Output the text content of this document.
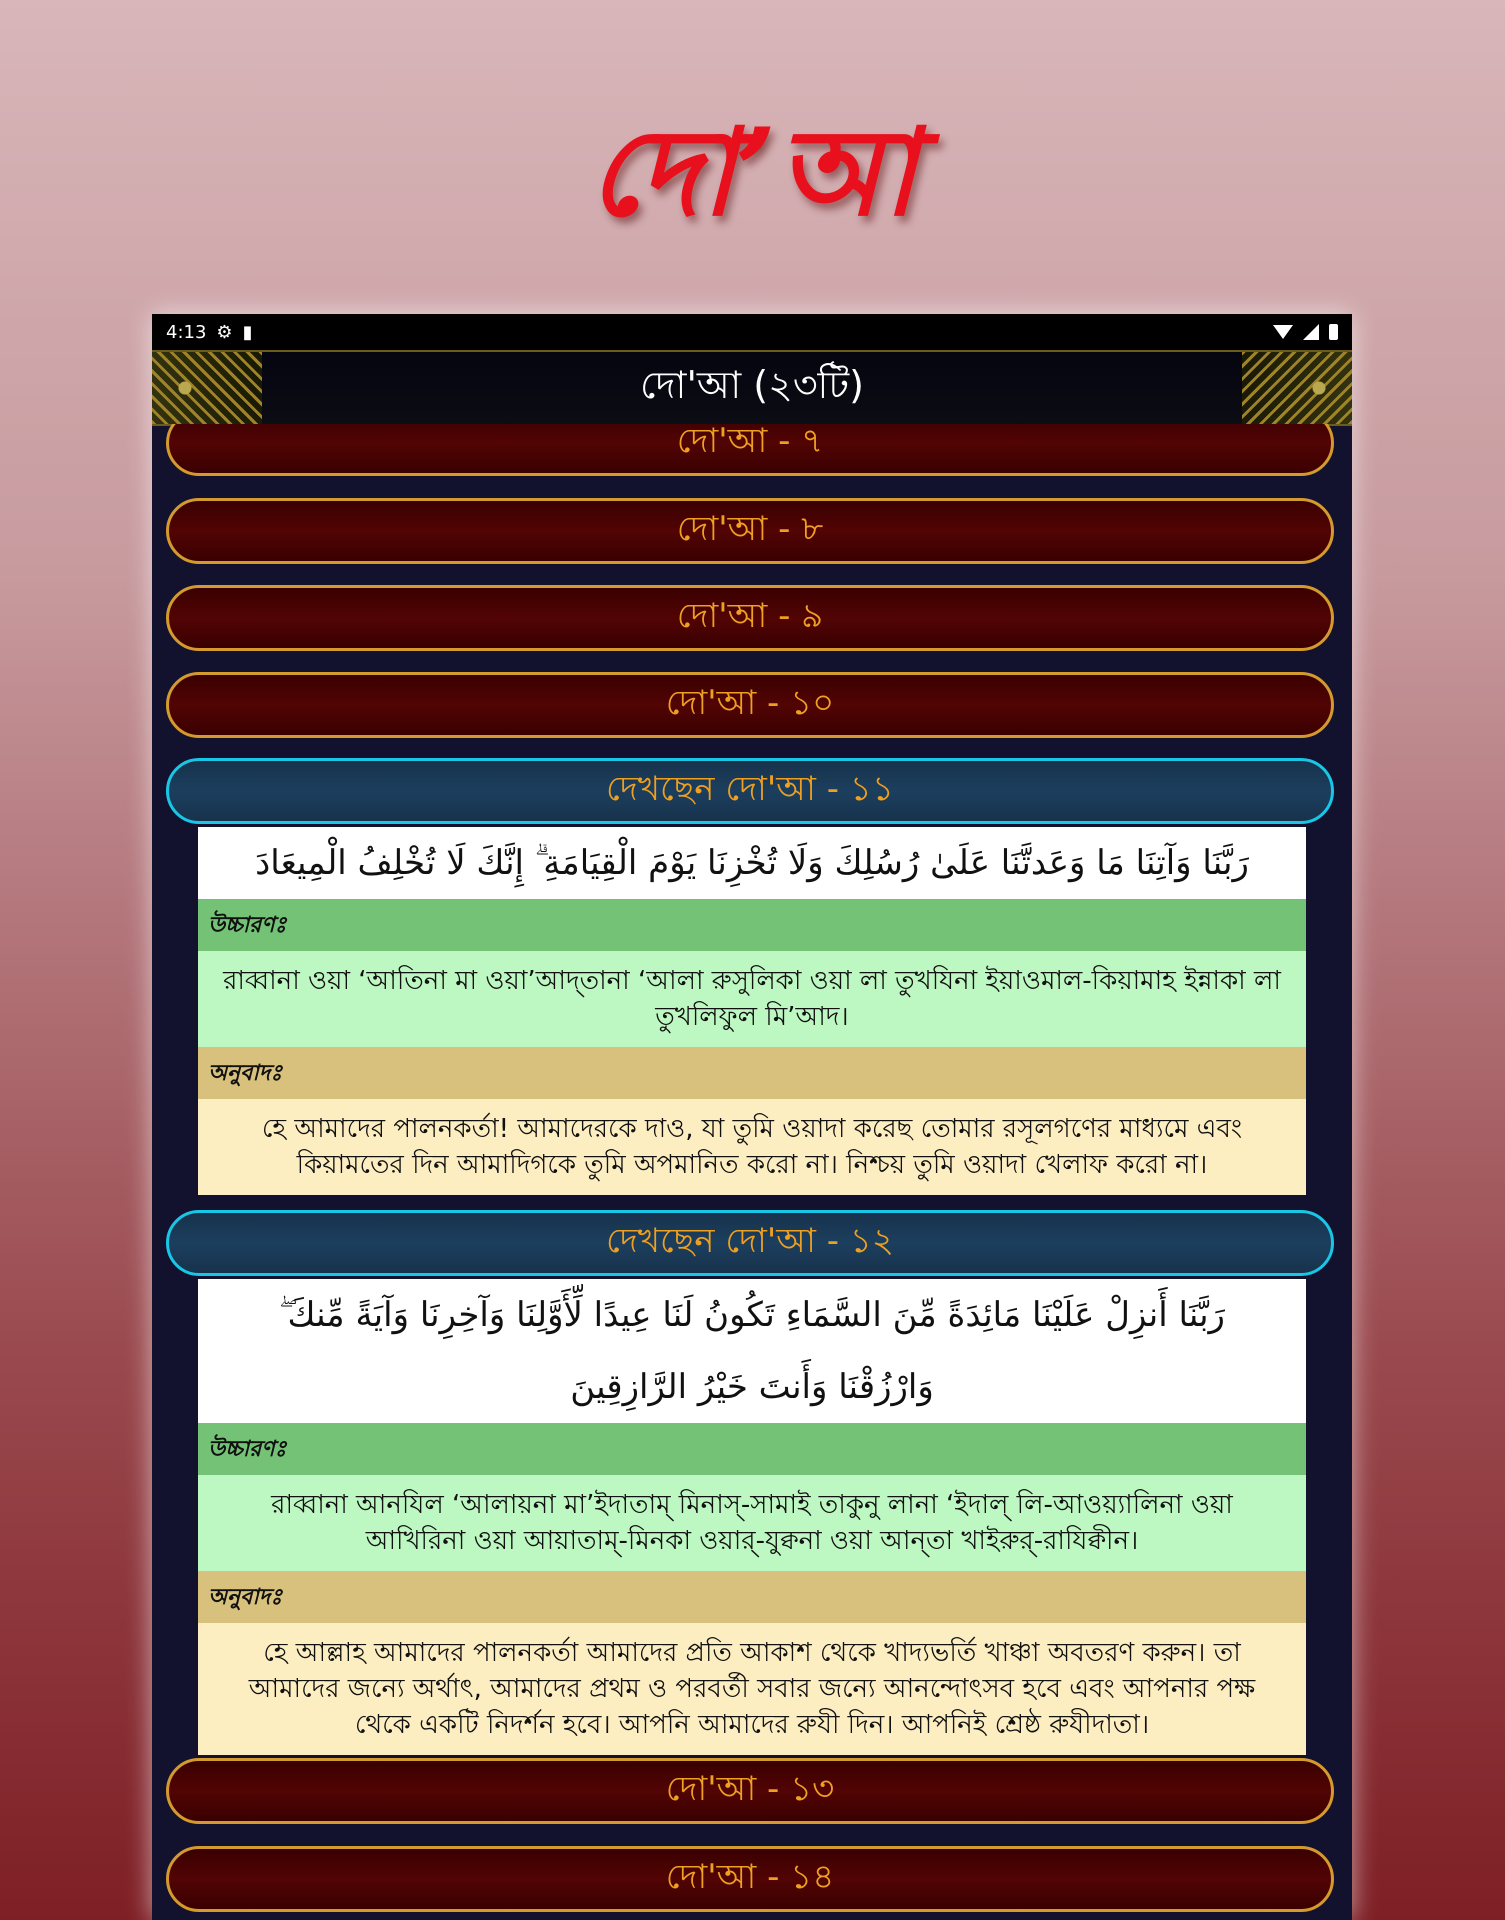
দো’আ
4:13 ⚙ ▮
দো'আ (২৩টি)
দো'আ - ৭
দো'আ - ৮
দো'আ - ৯
দো'আ - ১০
দেখছেন দো'আ - ১১
رَبَّنَا وَآتِنَا مَا وَعَدتَّنَا عَلَىٰ رُسُلِكَ وَلَا تُخْزِنَا يَوْمَ الْقِيَامَةِ ۗ إِنَّكَ لَا تُخْلِفُ الْمِيعَادَ
উচ্চারণঃ
রাব্বানা ওয়া ‘আতিনা মা ওয়া’আদ্‌তানা ‘আলা রুসুলিকা ওয়া লা তুখযিনা ইয়াওমাল-কিয়ামাহ ইন্নাকা লা তুখলিফুল মি’আদ।
অনুবাদঃ
হে আমাদের পালনকর্তা! আমাদেরকে দাও, যা তুমি ওয়াদা করেছ তোমার রসূলগণের মাধ্যমে এবং কিয়ামতের দিন আমাদিগকে তুমি অপমানিত করো না। নিশ্চয় তুমি ওয়াদা খেলাফ করো না।
দেখছেন দো'আ - ১২
رَبَّنَا أَنزِلْ عَلَيْنَا مَائِدَةً مِّنَ السَّمَاءِ تَكُونُ لَنَا عِيدًا لِّأَوَّلِنَا وَآخِرِنَا وَآيَةً مِّنكَ ۖ وَارْزُقْنَا وَأَنتَ خَيْرُ الرَّازِقِينَ
উচ্চারণঃ
রাব্বানা আনযিল ‘আলায়না মা’ইদাতাম্‌ মিনাস্‌-সামাই তাকুনু লানা ‘ইদাল্‌ লি-আওয়্যালিনা ওয়া আখিরিনা ওয়া আয়াতাম্‌-মিনকা ওয়ার্‌-যুক্বনা ওয়া আন্‌তা খাইরুর্‌-রাযিক্বীন।
অনুবাদঃ
হে আল্লাহ আমাদের পালনকর্তা আমাদের প্রতি আকাশ থেকে খাদ্যভর্তি খাঞ্চা অবতরণ করুন। তা আমাদের জন্যে অর্থাৎ, আমাদের প্রথম ও পরবর্তী সবার জন্যে আনন্দোৎসব হবে এবং আপনার পক্ষ থেকে একটি নিদর্শন হবে। আপনি আমাদের রুযী দিন। আপনিই শ্রেষ্ঠ রুযীদাতা।
দো'আ - ১৩
দো'আ - ১৪
